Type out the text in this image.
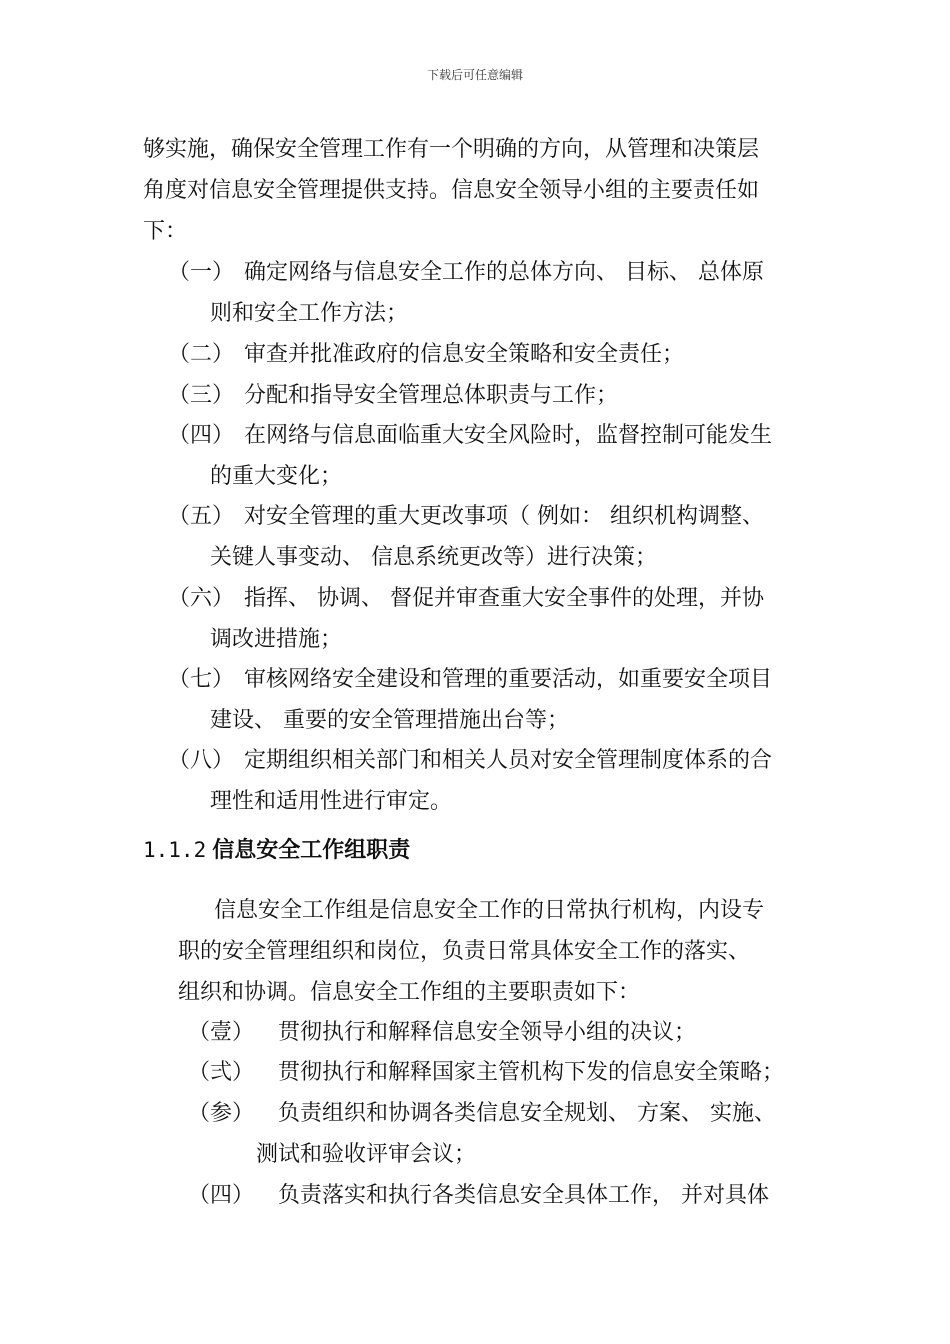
下载后可任意编辑
够实施，确保安全管理工作有一个明确的方向，从管理和决策层
角度对信息安全管理提供支持。信息安全领导小组的主要责任如
下：
（一） 确定网络与信息安全工作的总体方向、 目标、 总体原
则和安全工作方法；
（二） 审查并批准政府的信息安全策略和安全责任；
（三） 分配和指导安全管理总体职责与工作；
（四） 在网络与信息面临重大安全风险时，监督控制可能发生
的重大变化；
（五） 对安全管理的重大更改事项（ 例如： 组织机构调整、
关键人事变动、 信息系统更改等）进行决策；
（六） 指挥、 协调、 督促并审查重大安全事件的处理，并协
调改进措施；
（七） 审核网络安全建设和管理的重要活动，如重要安全项目
建设、 重要的安全管理措施出台等；
（八） 定期组织相关部门和相关人员对安全管理制度体系的合
理性和适用性进行审定。
1.1.2 信息安全工作组职责
信息安全工作组是信息安全工作的日常执行机构，内设专
职的安全管理组织和岗位，负责日常具体安全工作的落实、
组织和协调。信息安全工作组的主要职责如下：
（壹） 贯彻执行和解释信息安全领导小组的决议；
（弍） 贯彻执行和解释国家主管机构下发的信息安全策略；
（参） 负责组织和协调各类信息安全规划、 方案、 实施、
测试和验收评审会议；
（四） 负责落实和执行各类信息安全具体工作， 并对具体
